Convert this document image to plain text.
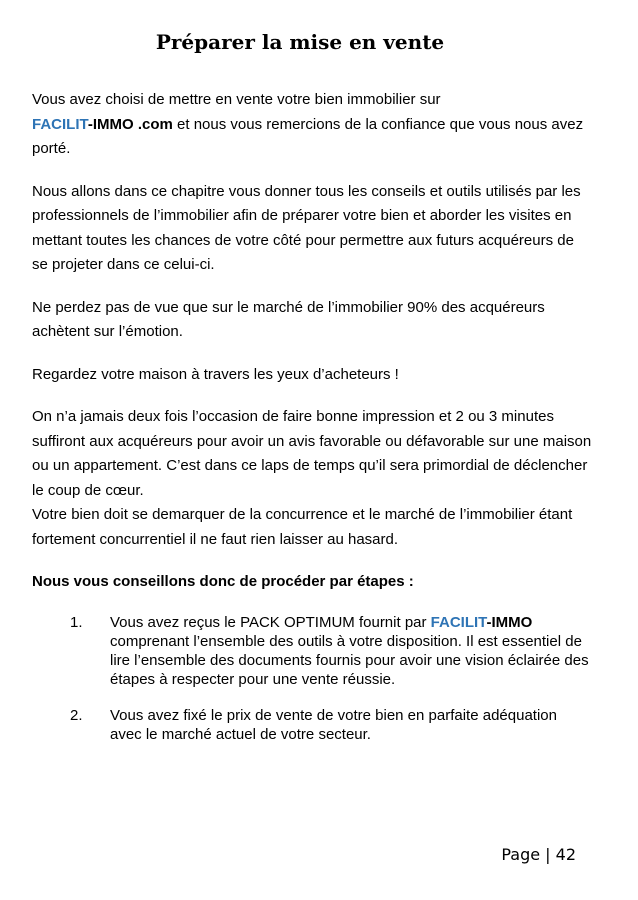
Préparer la mise en vente

Vous avez choisi de mettre en vente votre bien immobilier sur
FACILIT-IMMO .com et nous vous remercions de la confiance que vous nous avez porté.

Nous allons dans ce chapitre vous donner tous les conseils et outils utilisés par les professionnels de l’immobilier afin de préparer votre bien et aborder les visites en mettant toutes les chances de votre côté pour permettre aux futurs acquéreurs de se projeter dans ce celui-ci.

Ne perdez pas de vue que sur le marché de l’immobilier 90% des acquéreurs achètent sur l’émotion.

Regardez votre maison à travers les yeux d’acheteurs !

On n’a jamais deux fois l’occasion de faire bonne impression et 2 ou 3 minutes suffiront aux acquéreurs pour avoir un avis favorable ou défavorable sur une maison ou un appartement. C’est dans ce laps de temps qu’il sera primordial de déclencher le coup de cœur.

Votre bien doit se demarquer de la concurrence et le marché de l’immobilier étant fortement concurrentiel il ne faut rien laisser au hasard.

Nous vous conseillons donc de procéder par étapes :

1. Vous avez reçus le PACK OPTIMUM fournit par FACILIT-IMMO comprenant l’ensemble des outils à votre disposition. Il est essentiel de lire l’ensemble des documents fournis pour avoir une vision éclairée des étapes à respecter pour une vente réussie.
2. Vous avez fixé le prix de vente de votre bien en parfaite adéquation avec le marché actuel de votre secteur.
Page | 42
